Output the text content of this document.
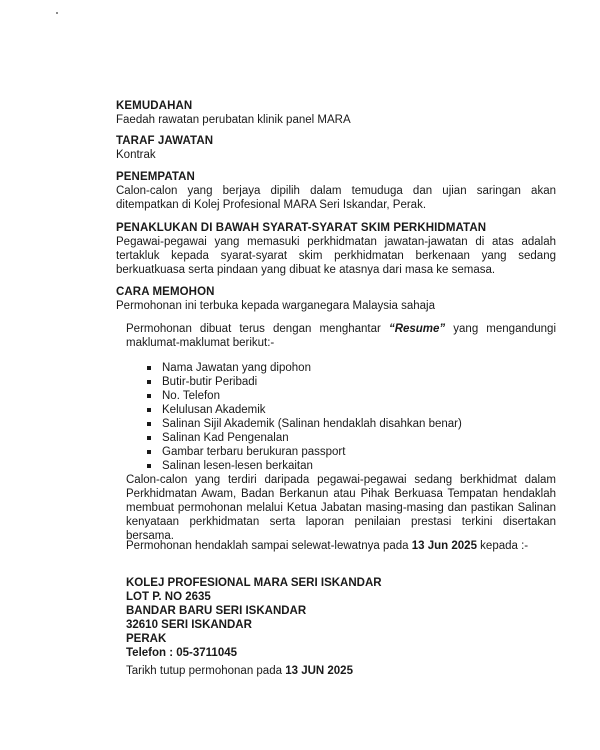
KEMUDAHAN

Faedah rawatan perubatan klinik panel MARA

TARAF JAWATAN

Kontrak

PENEMPATAN

Calon-calon yang berjaya dipilih dalam temuduga dan ujian saringan akan ditempatkan di Kolej Profesional MARA Seri Iskandar, Perak.

PENAKLUKAN DI BAWAH SYARAT-SYARAT SKIM PERKHIDMATAN

Pegawai-pegawai yang memasuki perkhidmatan jawatan-jawatan di atas adalah tertakluk kepada syarat-syarat skim perkhidmatan berkenaan yang sedang berkuatkuasa serta pindaan yang dibuat ke atasnya dari masa ke semasa.

CARA MEMOHON

Permohonan ini terbuka kepada warganegara Malaysia sahaja

Permohonan dibuat terus dengan menghantar “Resume” yang mengandungi maklumat-maklumat berikut:-

Nama Jawatan yang dipohon
Butir-butir Peribadi
No. Telefon
Kelulusan Akademik
Salinan Sijil Akademik (Salinan hendaklah disahkan benar)
Salinan Kad Pengenalan
Gambar terbaru berukuran passport
Salinan lesen-lesen berkaitan

Calon-calon yang terdiri daripada pegawai-pegawai sedang berkhidmat dalam Perkhidmatan Awam, Badan Berkanun atau Pihak Berkuasa Tempatan hendaklah membuat permohonan melalui Ketua Jabatan masing-masing dan pastikan Salinan kenyataan perkhidmatan serta laporan penilaian prestasi terkini disertakan bersama.

Permohonan hendaklah sampai selewat-lewatnya pada 13 Jun 2025 kepada :-

KOLEJ PROFESIONAL MARA SERI ISKANDAR
LOT P. NO 2635
BANDAR BARU SERI ISKANDAR
32610 SERI ISKANDAR
PERAK
Telefon : 05-3711045

Tarikh tutup permohonan pada 13 JUN 2025
